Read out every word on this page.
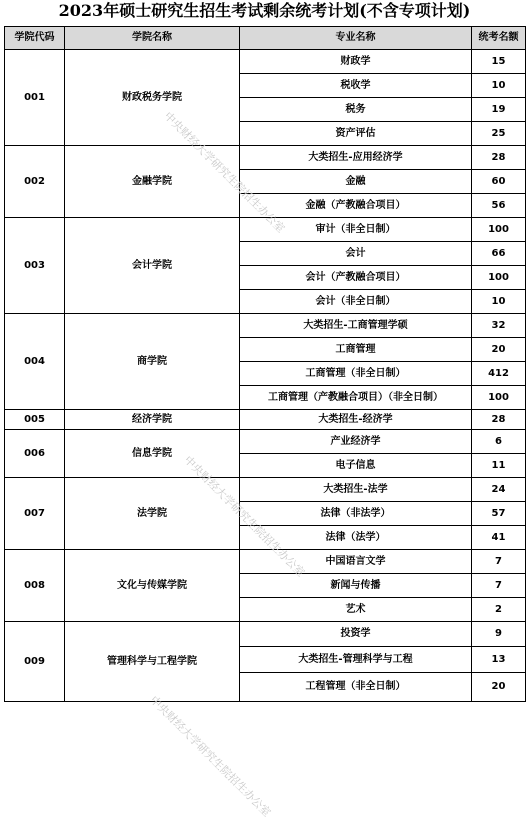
2023年硕士研究生招生考试剩余统考计划(不含专项计划)
学院代码	学院名称	专业名称	统考名额
001	财政税务学院	财政学	15
		税收学	10
		税务	19
		资产评估	25
002	金融学院	大类招生-应用经济学	28
		金融	60
		金融（产教融合项目）	56
003	会计学院	审计（非全日制）	100
		会计	66
		会计（产教融合项目）	100
		会计（非全日制）	10
004	商学院	大类招生-工商管理学硕	32
		工商管理	20
		工商管理（非全日制）	412
		工商管理（产教融合项目）（非全日制）	100
005	经济学院	大类招生-经济学	28
006	信息学院	产业经济学	6
		电子信息	11
007	法学院	大类招生-法学	24
		法律（非法学）	57
		法律（法学）	41
008	文化与传媒学院	中国语言文学	7
		新闻与传播	7
		艺术	2
009	管理科学与工程学院	投资学	9
		大类招生-管理科学与工程	13
		工程管理（非全日制）	20
中央财经大学研究生院招生办公室
中央财经大学研究生院招生办公室
中央财经大学研究生院招生办公室
